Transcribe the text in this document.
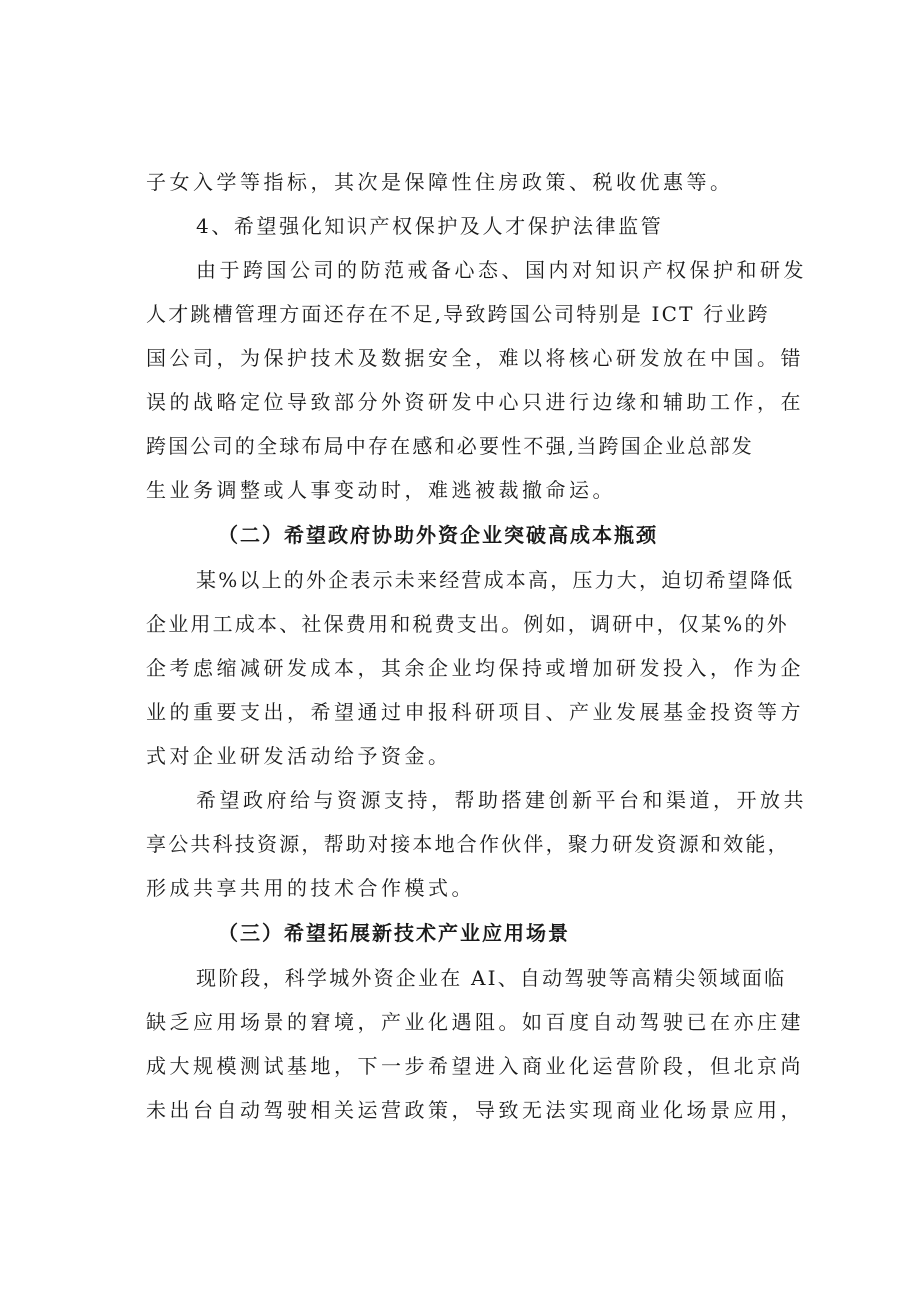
子女入学等指标，其次是保障性住房政策、税收优惠等。
4、希望强化知识产权保护及人才保护法律监管
由于跨国公司的防范戒备心态、国内对知识产权保护和研发
人才跳槽管理方面还存在不足,导致跨国公司特别是 ICT 行业跨
国公司，为保护技术及数据安全，难以将核心研发放在中国。错
误的战略定位导致部分外资研发中心只进行边缘和辅助工作，在
跨国公司的全球布局中存在感和必要性不强,当跨国企业总部发
生业务调整或人事变动时，难逃被裁撤命运。
（二）希望政府协助外资企业突破高成本瓶颈
某%以上的外企表示未来经营成本高，压力大，迫切希望降低
企业用工成本、社保费用和税费支出。例如，调研中，仅某%的外
企考虑缩减研发成本，其余企业均保持或增加研发投入，作为企
业的重要支出，希望通过申报科研项目、产业发展基金投资等方
式对企业研发活动给予资金。
希望政府给与资源支持，帮助搭建创新平台和渠道，开放共
享公共科技资源，帮助对接本地合作伙伴，聚力研发资源和效能，
形成共享共用的技术合作模式。
（三）希望拓展新技术产业应用场景
现阶段，科学城外资企业在 AI、自动驾驶等高精尖领域面临
缺乏应用场景的窘境，产业化遇阻。如百度自动驾驶已在亦庄建
成大规模测试基地，下一步希望进入商业化运营阶段，但北京尚
未出台自动驾驶相关运营政策，导致无法实现商业化场景应用，
